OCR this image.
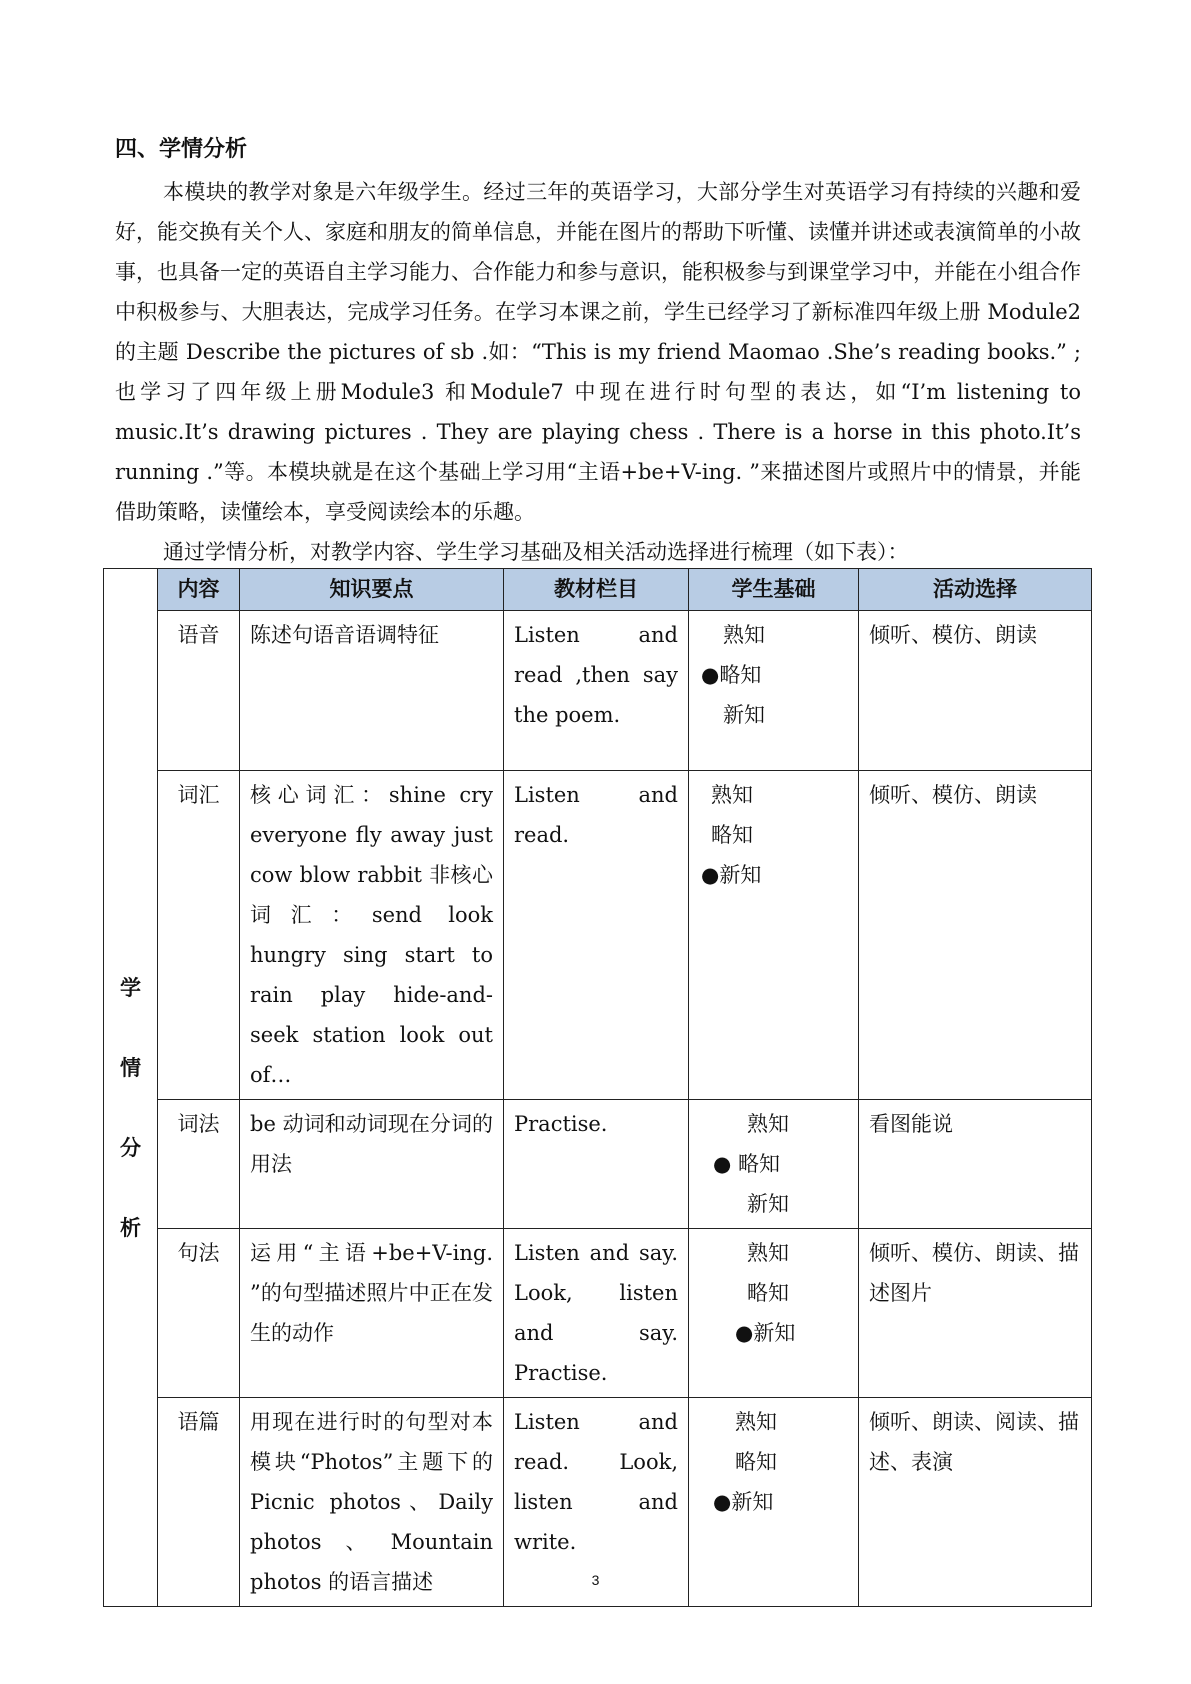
四、学情分析

本模块的教学对象是六年级学生。经过三年的英语学习，大部分学生对英语学习有持续的兴趣和爱好，能交换有关个人、家庭和朋友的简单信息，并能在图片的帮助下听懂、读懂并讲述或表演简单的小故事，也具备一定的英语自主学习能力、合作能力和参与意识，能积极参与到课堂学习中，并能在小组合作中积极参与、大胆表达，完成学习任务。在学习本课之前，学生已经学习了新标准四年级上册 Module2 的主题 Describe the pictures of sb .如：“This is my friend Maomao .She’s reading books.” ;也学习了四年级上册Module3 和Module7 中现在进行时句型的表达，如“I’m listening to music.It’s drawing pictures . They are playing chess . There is a horse in this photo.It’s running .”等。本模块就是在这个基础上学习用“主语+be+V-ing. ”来描述图片或照片中的情景，并能借助策略，读懂绘本，享受阅读绘本的乐趣。

通过学情分析，对教学内容、学生学习基础及相关活动选择进行梳理（如下表）：

	内容	知识要点	教材栏目	学生基础	活动选择

学
情
分
析	语音	陈述句语音语调特征	Listen and read ,then say the poem.	熟知
●略知
新知	倾听、模仿、朗读
	词汇	核心词汇：shine cry everyone fly away just cow blow rabbit 非核心词汇：send look hungry sing start to rain play hide-and-seek station look out of…	Listen and read.	熟知
略知
●新知	倾听、模仿、朗读
	词法	be 动词和动词现在分词的用法	Practise.	熟知
● 略知
新知	看图能说
	句法	运用“主语+be+V-ing. ”的句型描述照片中正在发生的动作	Listen and say. Look, listen and say. Practise.	熟知
略知
●新知	倾听、模仿、朗读、描述图片
	语篇	用现在进行时的句型对本模块“Photos”主题下的 Picnic photos、Daily photos、Mountain photos 的语言描述	Listen and read. Look, listen and write.	熟知
略知
●新知	倾听、朗读、阅读、描述、表演
3
